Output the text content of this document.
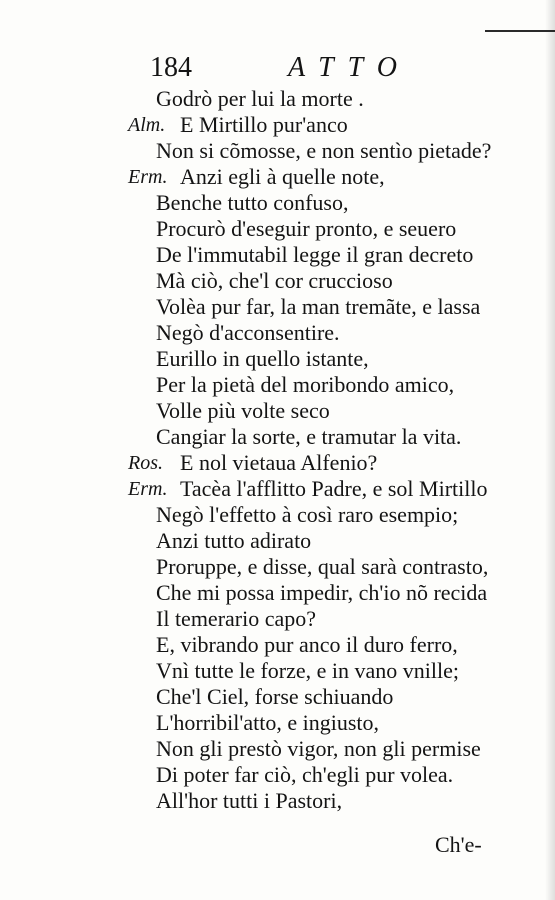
184	ATTO
Godrò per lui la morte .
Alm. E Mirtillo pur'anco
Non si cõmosse, e non sentìo pietade?
Erm. Anzi egli à quelle note,
Benche tutto confuso,
Procurò d'eseguir pronto, e seuero
De l'immutabil legge il gran decreto
Mà ciò, che'l cor cruccioso
Volèa pur far, la man tremãte, e lassa
Negò d'acconsentire.
Eurillo in quello istante,
Per la pietà del moribondo amico,
Volle più volte seco
Cangiar la sorte, e tramutar la vita.
Ros. E nol vietaua Alfenio?
Erm. Tacèa l'afflitto Padre, e sol Mirtillo
Negò l'effetto à così raro esempio;
Anzi tutto adirato
Proruppe, e disse, qual sarà contrasto,
Che mi possa impedir, ch'io nõ recida
Il temerario capo?
E, vibrando pur anco il duro ferro,
Vnì tutte le forze, e in vano vnille;
Che'l Ciel, forse schiuando
L'horribil'atto, e ingiusto,
Non gli prestò vigor, non gli permise
Di poter far ciò, ch'egli pur volea.
All'hor tutti i Pastori,
Ch'e-
